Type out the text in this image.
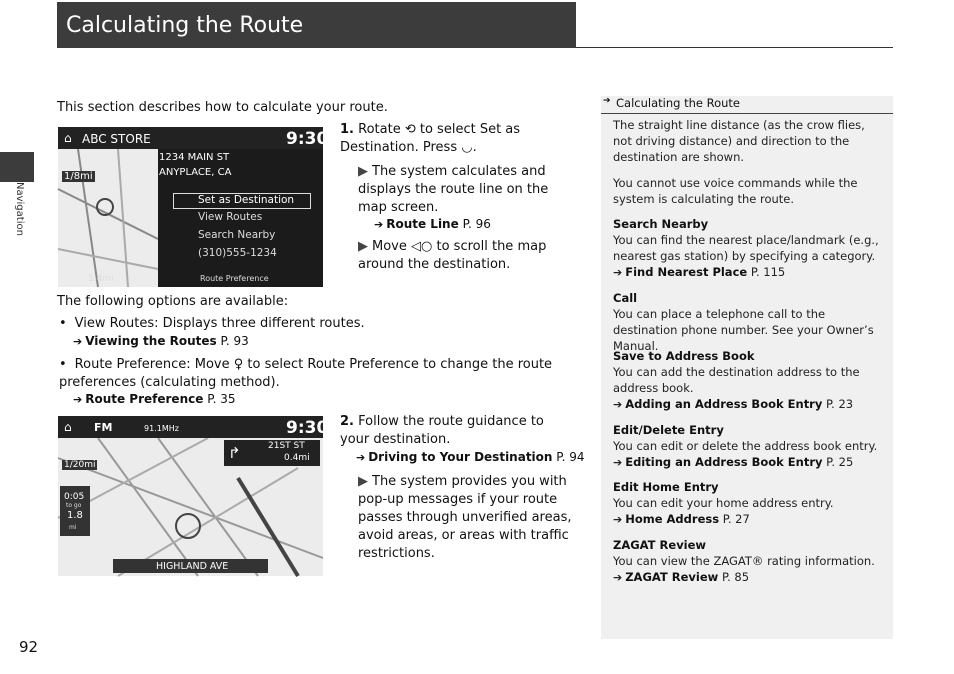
Calculating the Route
Navigation
This section describes how to calculate your route.
⌂ ABC STORE	9:30
1/8mi
1234 MAIN ST
ANYPLACE, CA
Set as Destination
View Routes
Search Nearby
(310)555-1234
Route Preference
1.4mi
1. Rotate ⟲ to select Set as Destination. Press ◡.
▶ The system calculates and displays the route line on the map screen.
➔ Route Line P. 96
▶ Move ◁○ to scroll the map around the destination.
The following options are available:
• View Routes: Displays three different routes.
➔ Viewing the Routes P. 93
• Route Preference: Move ♀ to select Route Preference to change the route preferences (calculating method).
➔ Route Preference P. 35
⌂ FM	91.1MHz	9:30
1/20mi
↱	21ST ST
0.4mi
0:05
to go
1.8
mi
HIGHLAND AVE
2. Follow the route guidance to your destination.
➔ Driving to Your Destination P. 94
▶ The system provides you with pop-up messages if your route passes through unverified areas, avoid areas, or areas with traffic restrictions.
➔ Calculating the Route
The straight line distance (as the crow flies, not driving distance) and direction to the destination are shown.
You cannot use voice commands while the system is calculating the route.
Search Nearby
You can find the nearest place/landmark (e.g., nearest gas station) by specifying a category.
➔ Find Nearest Place P. 115
Call
You can place a telephone call to the destination phone number. See your Owner’s Manual.
Save to Address Book
You can add the destination address to the address book.
➔ Adding an Address Book Entry P. 23
Edit/Delete Entry
You can edit or delete the address book entry.
➔ Editing an Address Book Entry P. 25
Edit Home Entry
You can edit your home address entry.
➔ Home Address P. 27
ZAGAT Review
You can view the ZAGAT® rating information.
➔ ZAGAT Review P. 85
92
